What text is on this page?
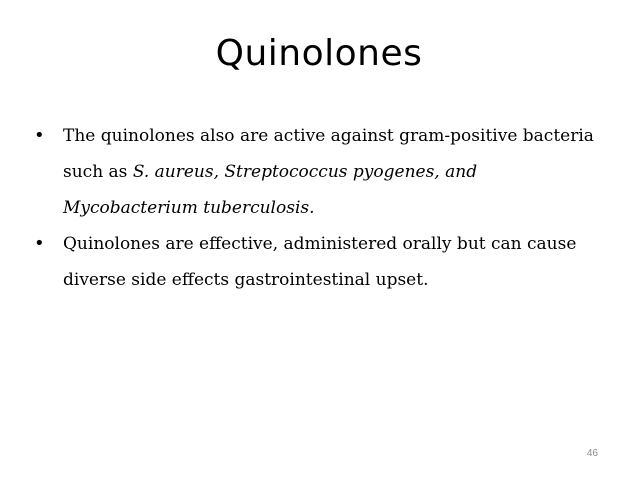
Quinolones
• The quinolones also are active against gram-positive bacteria such as S. aureus, Streptococcus pyogenes, and Mycobacterium tuberculosis.
• Quinolones are effective, administered orally but can cause diverse side effects gastrointestinal upset.
46
